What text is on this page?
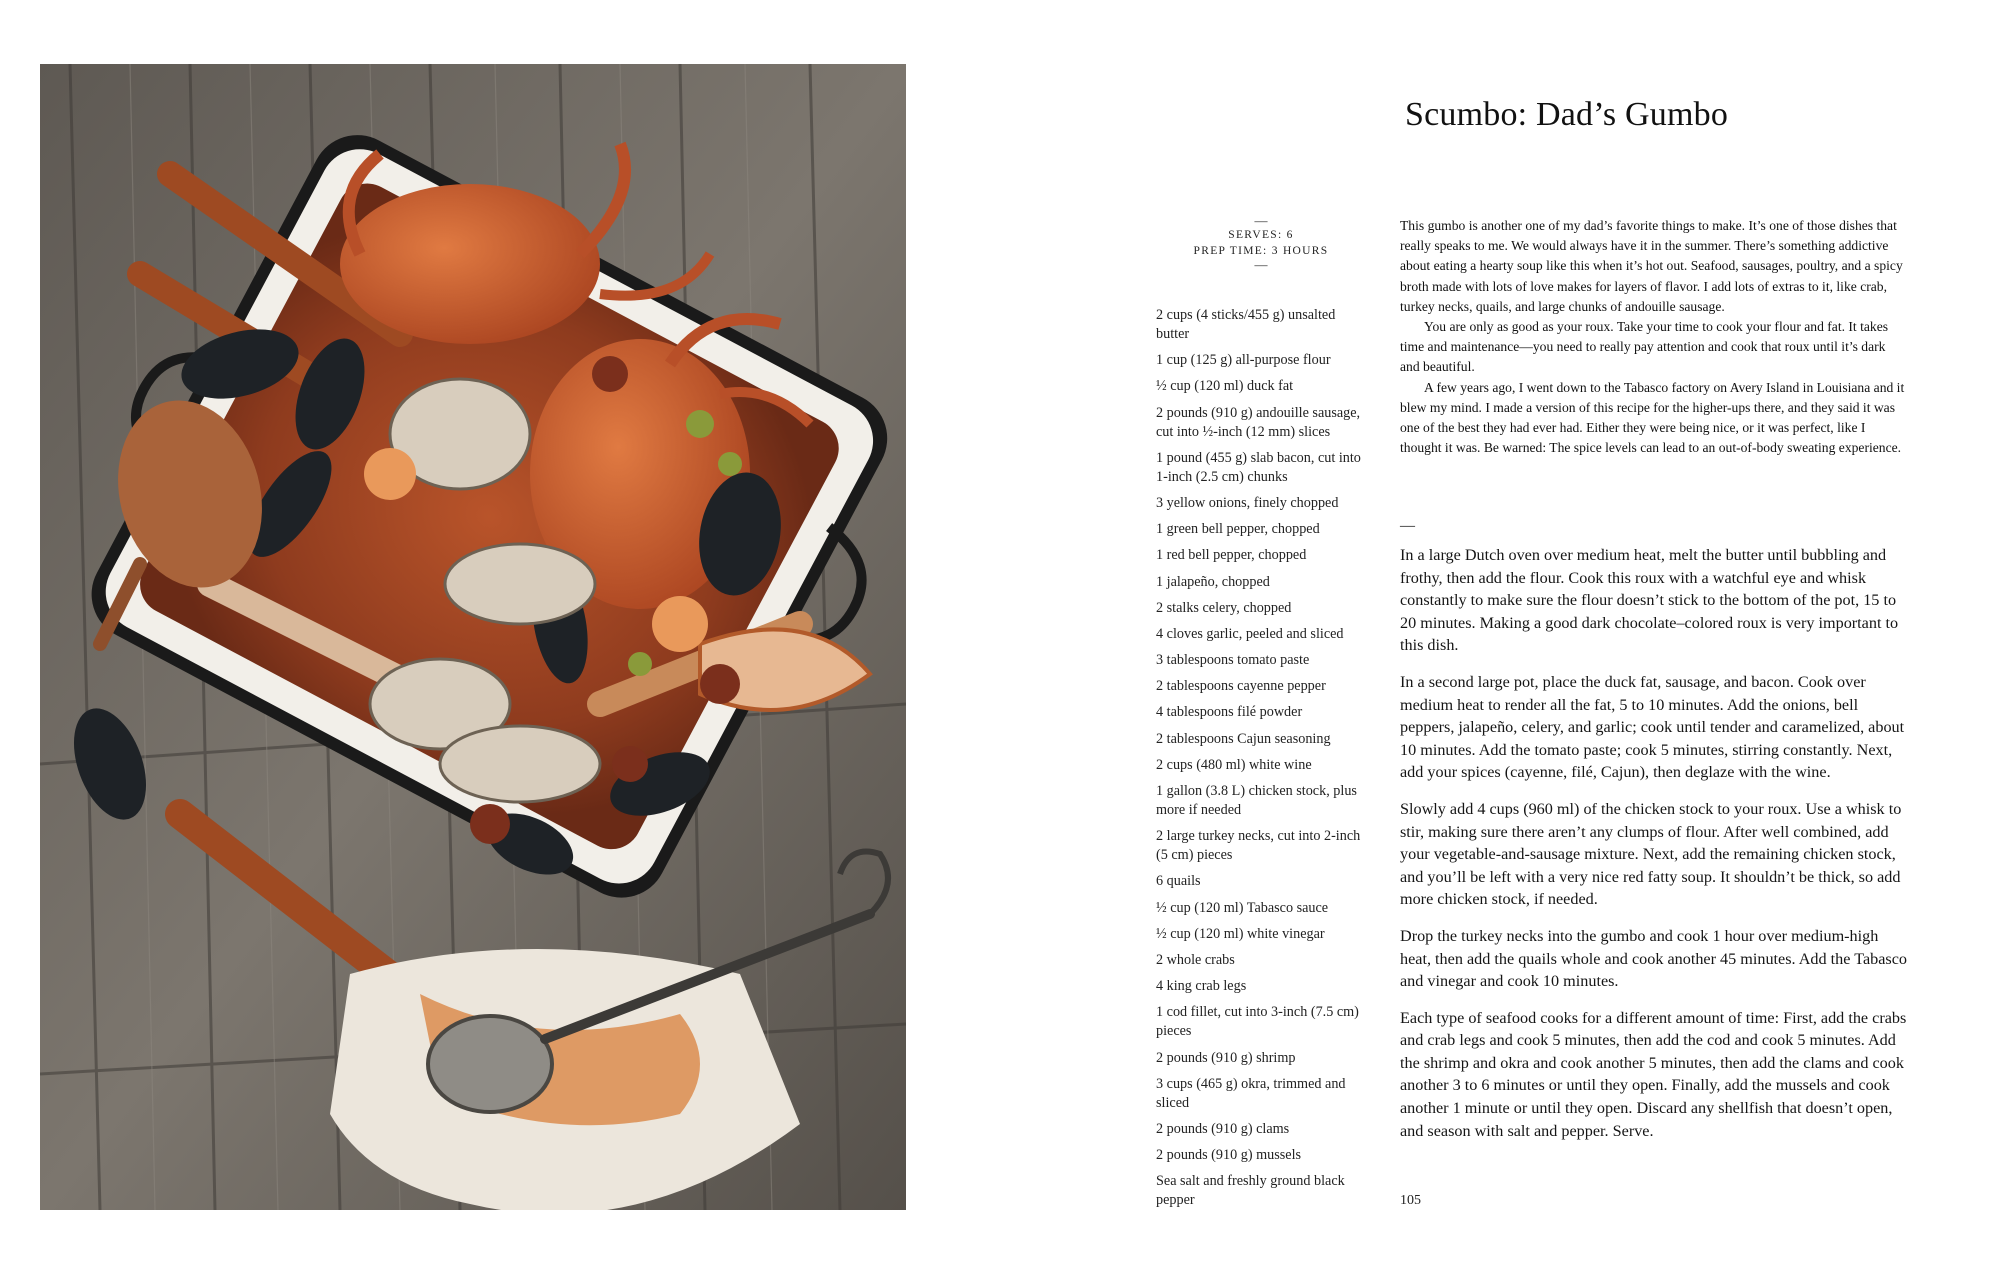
Scumbo: Dad’s Gumbo
—
SERVES: 6
PREP TIME: 3 HOURS
—
2 cups (4 sticks/455 g) unsalted butter
1 cup (125 g) all-purpose flour
½ cup (120 ml) duck fat
2 pounds (910 g) andouille sausage, cut into ½-inch (12 mm) slices
1 pound (455 g) slab bacon, cut into 1-inch (2.5 cm) chunks
3 yellow onions, finely chopped
1 green bell pepper, chopped
1 red bell pepper, chopped
1 jalapeño, chopped
2 stalks celery, chopped
4 cloves garlic, peeled and sliced
3 tablespoons tomato paste
2 tablespoons cayenne pepper
4 tablespoons filé powder
2 tablespoons Cajun seasoning
2 cups (480 ml) white wine
1 gallon (3.8 L) chicken stock, plus more if needed
2 large turkey necks, cut into 2-inch (5 cm) pieces
6 quails
½ cup (120 ml) Tabasco sauce
½ cup (120 ml) white vinegar
2 whole crabs
4 king crab legs
1 cod fillet, cut into 3-inch (7.5 cm) pieces
2 pounds (910 g) shrimp
3 cups (465 g) okra, trimmed and sliced
2 pounds (910 g) clams
2 pounds (910 g) mussels
Sea salt and freshly ground black pepper

This gumbo is another one of my dad’s favorite things to make. It’s one of those dishes that really speaks to me. We would always have it in the summer. There’s something addictive about eating a hearty soup like this when it’s hot out. Seafood, sausages, poultry, and a spicy broth made with lots of love makes for layers of flavor. I add lots of extras to it, like crab, turkey necks, quails, and large chunks of andouille sausage.

You are only as good as your roux. Take your time to cook your flour and fat. It takes time and maintenance—you need to really pay attention and cook that roux until it’s dark and beautiful.

A few years ago, I went down to the Tabasco factory on Avery Island in Louisiana and it blew my mind. I made a version of this recipe for the higher-ups there, and they said it was one of the best they had ever had. Either they were being nice, or it was perfect, like I thought it was. Be warned: The spice levels can lead to an out-of-body sweating experience.

—

In a large Dutch oven over medium heat, melt the butter until bubbling and frothy, then add the flour. Cook this roux with a watchful eye and whisk constantly to make sure the flour doesn’t stick to the bottom of the pot, 15 to 20 minutes. Making a good dark chocolate–colored roux is very important to this dish.

In a second large pot, place the duck fat, sausage, and bacon. Cook over medium heat to render all the fat, 5 to 10 minutes. Add the onions, bell peppers, jalapeño, celery, and garlic; cook until tender and caramelized, about 10 minutes. Add the tomato paste; cook 5 minutes, stirring constantly. Next, add your spices (cayenne, filé, Cajun), then deglaze with the wine.

Slowly add 4 cups (960 ml) of the chicken stock to your roux. Use a whisk to stir, making sure there aren’t any clumps of flour. After well combined, add your vegetable-and-sausage mixture. Next, add the remaining chicken stock, and you’ll be left with a very nice red fatty soup. It shouldn’t be thick, so add more chicken stock, if needed.

Drop the turkey necks into the gumbo and cook 1 hour over medium-high heat, then add the quails whole and cook another 45 minutes. Add the Tabasco and vinegar and cook 10 minutes.

Each type of seafood cooks for a different amount of time: First, add the crabs and crab legs and cook 5 minutes, then add the cod and cook 5 minutes. Add the shrimp and okra and cook another 5 minutes, then add the clams and cook another 3 to 6 minutes or until they open. Finally, add the mussels and cook another 1 minute or until they open. Discard any shellfish that doesn’t open, and season with salt and pepper. Serve.

105
